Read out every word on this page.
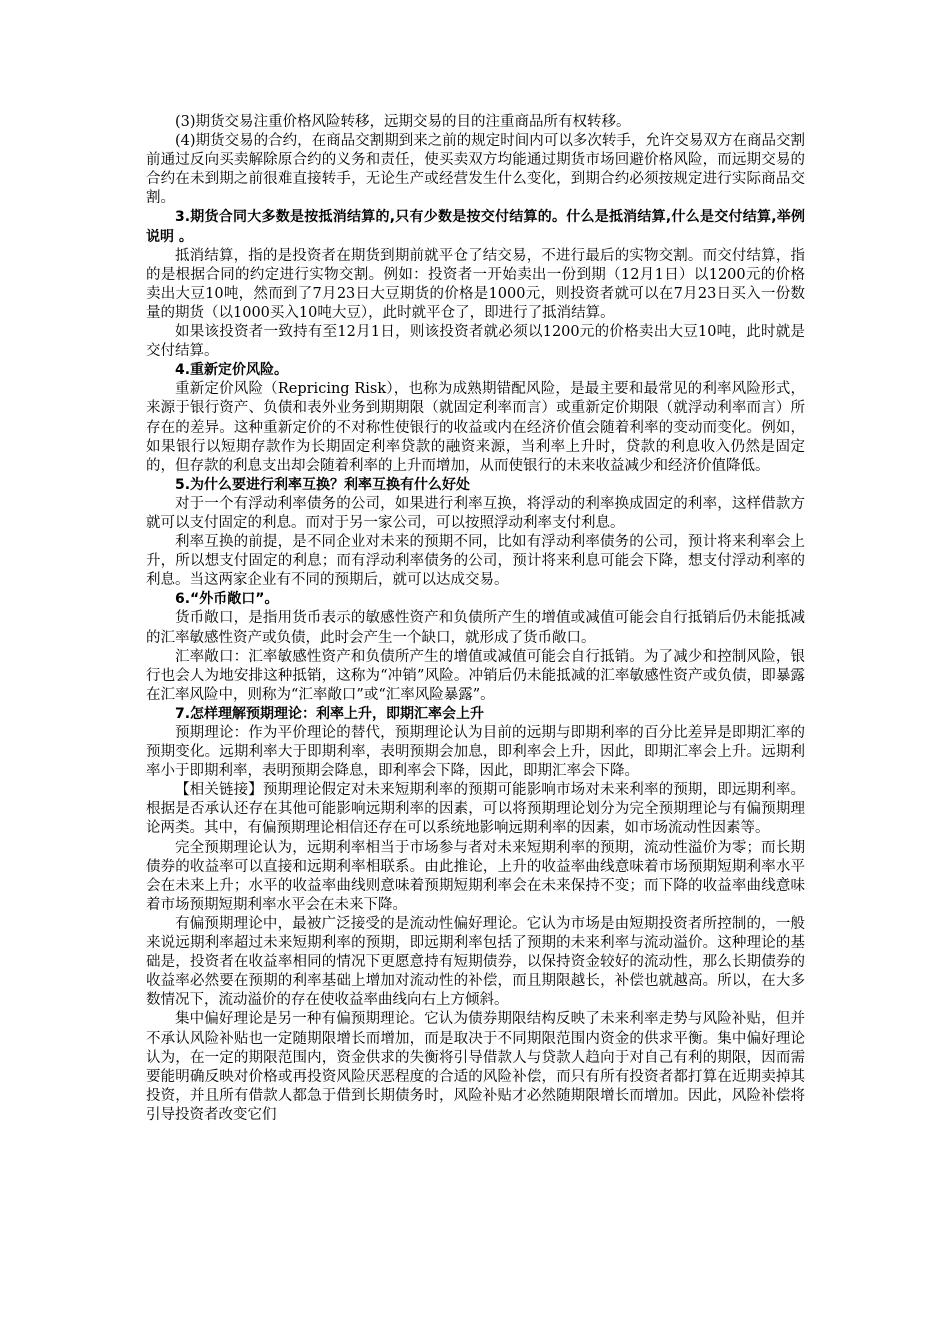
(3)期货交易注重价格风险转移，远期交易的目的注重商品所有权转移。

(4)期货交易的合约，在商品交割期到来之前的规定时间内可以多次转手，允许交易双方在商品交割前通过反向买卖解除原合约的义务和责任，使买卖双方均能通过期货市场回避价格风险，而远期交易的合约在未到期之前很难直接转手，无论生产或经营发生什么变化，到期合约必须按规定进行实际商品交割。

3.期货合同大多数是按抵消结算的,只有少数是按交付结算的。什么是抵消结算,什么是交付结算,举例说明 。

抵消结算，指的是投资者在期货到期前就平仓了结交易，不进行最后的实物交割。而交付结算，指的是根据合同的约定进行实物交割。例如：投资者一开始卖出一份到期（12月1日）以1200元的价格卖出大豆10吨，然而到了7月23日大豆期货的价格是1000元，则投资者就可以在7月23日买入一份数量的期货（以1000买入10吨大豆），此时就平仓了，即进行了抵消结算。

如果该投资者一致持有至12月1日，则该投资者就必须以1200元的价格卖出大豆10吨，此时就是交付结算。

4.重新定价风险。

重新定价风险（Repricing Risk），也称为成熟期错配风险，是最主要和最常见的利率风险形式，来源于银行资产、负债和表外业务到期期限（就固定利率而言）或重新定价期限（就浮动利率而言）所存在的差异。这种重新定价的不对称性使银行的收益或内在经济价值会随着利率的变动而变化。例如，如果银行以短期存款作为长期固定利率贷款的融资来源，当利率上升时，贷款的利息收入仍然是固定的，但存款的利息支出却会随着利率的上升而增加，从而使银行的未来收益减少和经济价值降低。

5.为什么要进行利率互换？利率互换有什么好处

对于一个有浮动利率债务的公司，如果进行利率互换，将浮动的利率换成固定的利率，这样借款方就可以支付固定的利息。而对于另一家公司，可以按照浮动利率支付利息。

利率互换的前提，是不同企业对未来的预期不同，比如有浮动利率债务的公司，预计将来利率会上升，所以想支付固定的利息；而有浮动利率债务的公司，预计将来利息可能会下降，想支付浮动利率的利息。当这两家企业有不同的预期后，就可以达成交易。

6.“外币敞口”。

货币敞口，是指用货币表示的敏感性资产和负债所产生的增值或减值可能会自行抵销后仍未能抵减的汇率敏感性资产或负债，此时会产生一个缺口，就形成了货币敞口。

汇率敞口：汇率敏感性资产和负债所产生的增值或减值可能会自行抵销。为了减少和控制风险，银行也会人为地安排这种抵销，这称为“冲销”风险。冲销后仍未能抵减的汇率敏感性资产或负债，即暴露在汇率风险中，则称为“汇率敞口”或“汇率风险暴露”。

7.怎样理解预期理论：利率上升，即期汇率会上升

预期理论：作为平价理论的替代，预期理论认为目前的远期与即期利率的百分比差异是即期汇率的预期变化。远期利率大于即期利率，表明预期会加息，即利率会上升，因此，即期汇率会上升。远期利率小于即期利率，表明预期会降息，即利率会下降，因此，即期汇率会下降。

【相关链接】预期理论假定对未来短期利率的预期可能影响市场对未来利率的预期，即远期利率。根据是否承认还存在其他可能影响远期利率的因素，可以将预期理论划分为完全预期理论与有偏预期理论两类。其中，有偏预期理论相信还存在可以系统地影响远期利率的因素，如市场流动性因素等。

完全预期理论认为，远期利率相当于市场参与者对未来短期利率的预期，流动性溢价为零；而长期债券的收益率可以直接和远期利率相联系。由此推论，上升的收益率曲线意味着市场预期短期利率水平会在未来上升；水平的收益率曲线则意味着预期短期利率会在未来保持不变；而下降的收益率曲线意味着市场预期短期利率水平会在未来下降。

有偏预期理论中，最被广泛接受的是流动性偏好理论。它认为市场是由短期投资者所控制的，一般来说远期利率超过未来短期利率的预期，即远期利率包括了预期的未来利率与流动溢价。这种理论的基础是，投资者在收益率相同的情况下更愿意持有短期债券，以保持资金较好的流动性，那么长期债券的收益率必然要在预期的利率基础上增加对流动性的补偿，而且期限越长，补偿也就越高。所以，在大多数情况下，流动溢价的存在使收益率曲线向右上方倾斜。

集中偏好理论是另一种有偏预期理论。它认为债券期限结构反映了未来利率走势与风险补贴，但并不承认风险补贴也一定随期限增长而增加，而是取决于不同期限范围内资金的供求平衡。集中偏好理论认为，在一定的期限范围内，资金供求的失衡将引导借款人与贷款人趋向于对自己有利的期限，因而需要能明确反映对价格或再投资风险厌恶程度的合适的风险补偿，而只有所有投资者都打算在近期卖掉其投资，并且所有借款人都急于借到长期债务时，风险补贴才必然随期限增长而增加。因此，风险补偿将引导投资者改变它们
